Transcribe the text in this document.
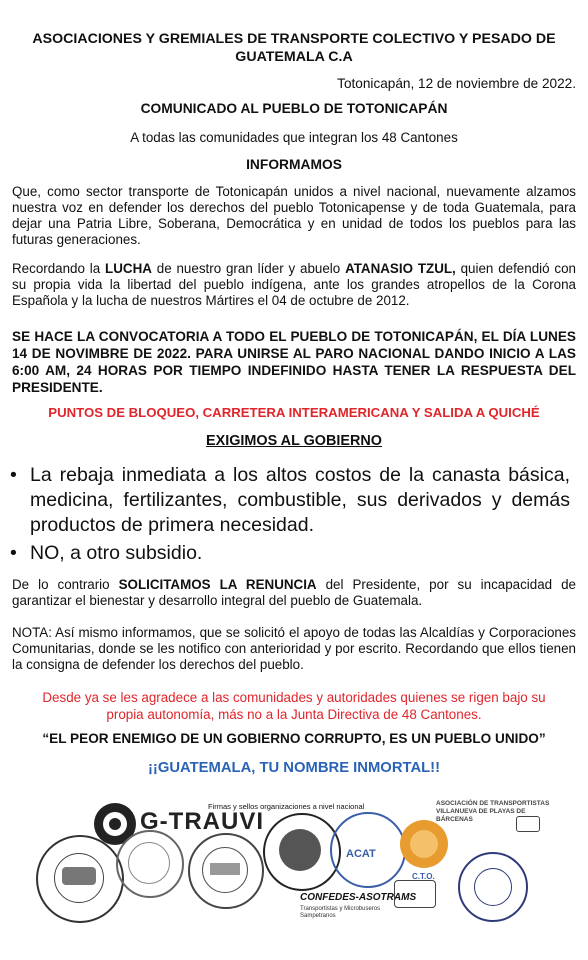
ASOCIACIONES Y GREMIALES DE TRANSPORTE COLECTIVO Y PESADO DE
GUATEMALA C.A
Totonicapán, 12 de noviembre de 2022.
COMUNICADO AL PUEBLO DE TOTONICAPÁN
A todas las comunidades que integran los 48 Cantones
INFORMAMOS
Que, como sector transporte de Totonicapán unidos a nivel nacional, nuevamente alzamos nuestra voz en defender los derechos del pueblo Totonicapense y de toda Guatemala, para dejar una Patria Libre, Soberana, Democrática y en unidad de todos los pueblos para las futuras generaciones.
Recordando la LUCHA de nuestro gran líder y abuelo ATANASIO TZUL, quien defendió con su propia vida la libertad del pueblo indígena, ante los grandes atropellos de la Corona Española y la lucha de nuestros Mártires el 04 de octubre de 2012.
SE HACE LA CONVOCATORIA A TODO EL PUEBLO DE TOTONICAPÁN, EL DÍA LUNES 14 DE NOVIMBRE DE 2022. PARA UNIRSE AL PARO NACIONAL DANDO INICIO A LAS 6:00 AM, 24 HORAS POR TIEMPO INDEFINIDO HASTA TENER LA RESPUESTA DEL PRESIDENTE.
PUNTOS DE BLOQUEO, CARRETERA INTERAMERICANA Y SALIDA A QUICHÉ
EXIGIMOS AL GOBIERNO
• La rebaja inmediata a los altos costos de la canasta básica, medicina, fertilizantes, combustible, sus derivados y demás productos de primera necesidad.
• NO, a otro subsidio.
De lo contrario SOLICITAMOS LA RENUNCIA del Presidente, por su incapacidad de garantizar el bienestar y desarrollo integral del pueblo de Guatemala.
NOTA: Así mismo informamos, que se solicitó el apoyo de todas las Alcaldías y Corporaciones Comunitarias, donde se les notifico con anterioridad y por escrito. Recordando que ellos tienen la consigna de defender los derechos del pueblo.
Desde ya se les agradece a las comunidades y autoridades quienes se rigen bajo su propia autonomía, más no a la Junta Directiva de 48 Cantones.
“EL PEOR ENEMIGO DE UN GOBIERNO CORRUPTO, ES UN PUEBLO UNIDO”
¡¡GUATEMALA, TU NOMBRE INMORTAL!!
Firmas y sellos organizaciones a nivel nacional
G-TRAUVI
ACAT
C.T.O.
ASOCIACIÓN DE TRANSPORTISTAS VILLANUEVA DE PLAYAS DE BÁRCENAS
CONFEDES-ASOTRAMS
Transportistas y Microbuseros Sampetranos
